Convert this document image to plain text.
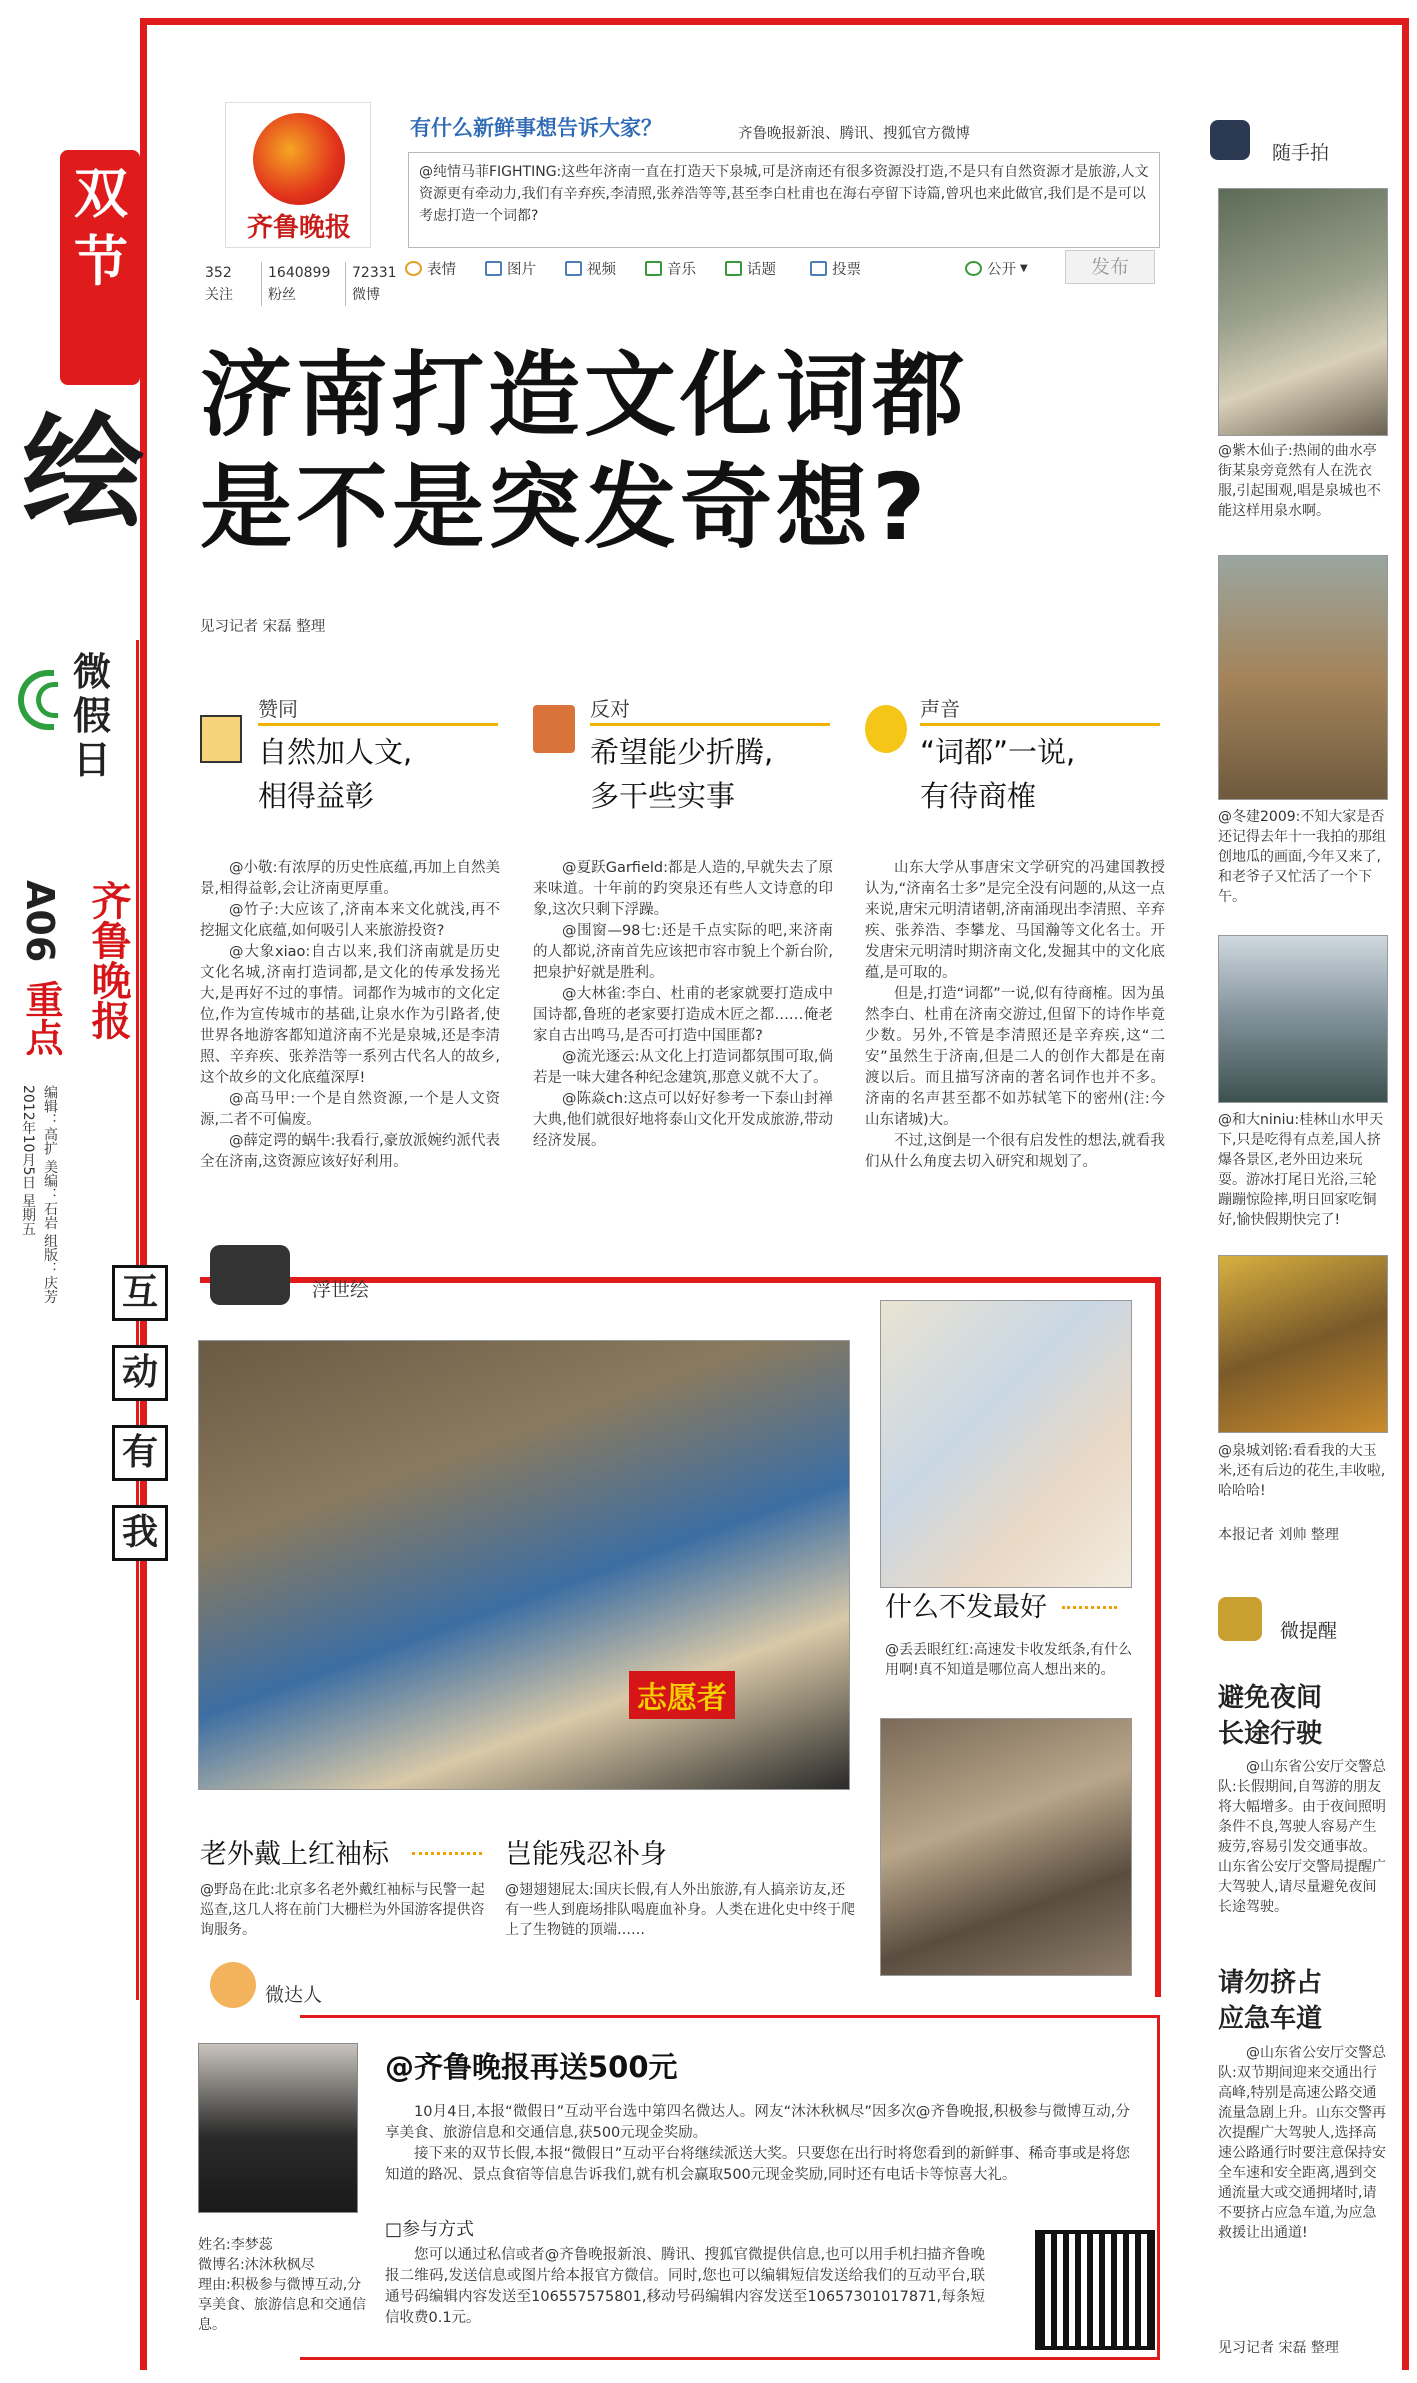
双节
绘
微假日
A06 齐鲁晚报
重点
编辑：高扩 美编：石岩 组版：庆芳
2012年10月5日 星期五
互
动
有
我
齐鲁晚报
有什么新鲜事想告诉大家？	齐鲁晚报新浪、腾讯、搜狐官方微博
@纯情马菲FIGHTING:这些年济南一直在打造天下泉城,可是济南还有很多资源没打造,不是只有自然资源才是旅游,人文资源更有牵动力,我们有辛弃疾,李清照,张养浩等等,甚至李白杜甫也在海右亭留下诗篇,曾巩也来此做官,我们是不是可以考虑打造一个词都?
352
关注
1640899
粉丝
72331
微博
表情	图片	视频	音乐	话题	投票	公开 ▼	发布
济南打造文化词都
是不是突发奇想?
见习记者 宋磊 整理
赞同
自然加人文,
相得益彰

@小敬:有浓厚的历史性底蕴,再加上自然美景,相得益彰,会让济南更厚重。

@竹子:大应该了,济南本来文化就浅,再不挖掘文化底蕴,如何吸引人来旅游投资?

@大象xiao:自古以来,我们济南就是历史文化名城,济南打造词都,是文化的传承发扬光大,是再好不过的事情。词都作为城市的文化定位,作为宣传城市的基础,让泉水作为引路者,使世界各地游客都知道济南不光是泉城,还是李清照、辛弃疾、张养浩等一系列古代名人的故乡,这个故乡的文化底蕴深厚!

@高马甲:一个是自然资源,一个是人文资源,二者不可偏废。

@薛定谔的蜗牛:我看行,豪放派婉约派代表全在济南,这资源应该好好利用。

反对
希望能少折腾,
多干些实事

@夏跃Garfield:都是人造的,早就失去了原来味道。十年前的趵突泉还有些人文诗意的印象,这次只剩下浮躁。

@围窗—98七:还是千点实际的吧,来济南的人都说,济南首先应该把市容市貌上个新台阶,把泉护好就是胜利。

@大林雀:李白、杜甫的老家就要打造成中国诗都,鲁班的老家要打造成木匠之都……俺老家自古出鸣马,是否可打造中国匪都?

@流光逐云:从文化上打造词都氛围可取,倘若是一味大建各种纪念建筑,那意义就不大了。

@陈焱ch:这点可以好好参考一下泰山封禅大典,他们就很好地将泰山文化开发成旅游,带动经济发展。

声音
“词都”一说,
有待商榷

山东大学从事唐宋文学研究的冯建国教授认为,“济南名士多”是完全没有问题的,从这一点来说,唐宋元明清诸朝,济南涌现出李清照、辛弃疾、张养浩、李攀龙、马国瀚等文化名士。开发唐宋元明清时期济南文化,发掘其中的文化底蕴,是可取的。

但是,打造“词都”一说,似有待商榷。因为虽然李白、杜甫在济南交游过,但留下的诗作毕竟少数。另外,不管是李清照还是辛弃疾,这“二安”虽然生于济南,但是二人的创作大都是在南渡以后。而且描写济南的著名词作也并不多。济南的名声甚至都不如苏轼笔下的密州(注:今山东诸城)大。

不过,这倒是一个很有启发性的想法,就看我们从什么角度去切入研究和规划了。

随手拍
@紫木仙子:热闹的曲水亭街某泉旁竟然有人在洗衣服,引起围观,唱是泉城也不能这样用泉水啊。
@冬建2009:不知大家是否还记得去年十一我拍的那组创地瓜的画面,今年又来了,和老爷子又忙活了一个下午。
@和大niniu:桂林山水甲天下,只是吃得有点差,国人挤爆各景区,老外田边来玩耍。游冰打尾日光浴,三轮蹦蹦惊险摔,明日回家吃铜好,愉快假期快完了!
@泉城刘铭:看看我的大玉米,还有后边的花生,丰收啦,哈哈哈!
本报记者 刘帅 整理
微提醒
避免夜间
长途行驶
@山东省公安厅交警总队:长假期间,自驾游的朋友将大幅增多。由于夜间照明条件不良,驾驶人容易产生疲劳,容易引发交通事故。山东省公安厅交警局提醒广大驾驶人,请尽量避免夜间长途驾驶。
请勿挤占
应急车道
@山东省公安厅交警总队:双节期间迎来交通出行高峰,特别是高速公路交通流量急剧上升。山东交警再次提醒广大驾驶人,选择高速公路通行时要注意保持安全车速和安全距离,遇到交通流量大或交通拥堵时,请不要挤占应急车道,为应急救援让出通道!
见习记者 宋磊 整理
浮世绘
志愿者
老外戴上红袖标
@野岛在此:北京多名老外戴红袖标与民警一起巡查,这几人将在前门大栅栏为外国游客提供咨询服务。
岂能残忍补身
@翅翅翅屁太:国庆长假,有人外出旅游,有人搞亲访友,还有一些人到鹿场排队喝鹿血补身。人类在进化史中终于爬上了生物链的顶端……
什么不发最好
@丢丢眼红红:高速发卡收发纸条,有什么用啊!真不知道是哪位高人想出来的。
微达人
@齐鲁晚报再送500元

10月4日,本报“微假日”互动平台选中第四名微达人。网友“沐沐秋枫尽”因多次@齐鲁晚报,积极参与微博互动,分享美食、旅游信息和交通信息,获500元现金奖励。

接下来的双节长假,本报“微假日”互动平台将继续派送大奖。只要您在出行时将您看到的新鲜事、稀奇事或是将您知道的路况、景点食宿等信息告诉我们,就有机会赢取500元现金奖励,同时还有电话卡等惊喜大礼。

□参与方式
您可以通过私信或者@齐鲁晚报新浪、腾讯、搜狐官微提供信息,也可以用手机扫描齐鲁晚报二维码,发送信息或图片给本报官方微信。同时,您也可以编辑短信发送给我们的互动平台,联通号码编辑内容发送至10655757580​1,移动号码编辑内容发送至10657301017871,每条短信收费0.1元。
姓名:李梦蕊
微博名:沐沐秋枫尽
理由:积极参与微博互动,分享美食、旅游信息和交通信息。
